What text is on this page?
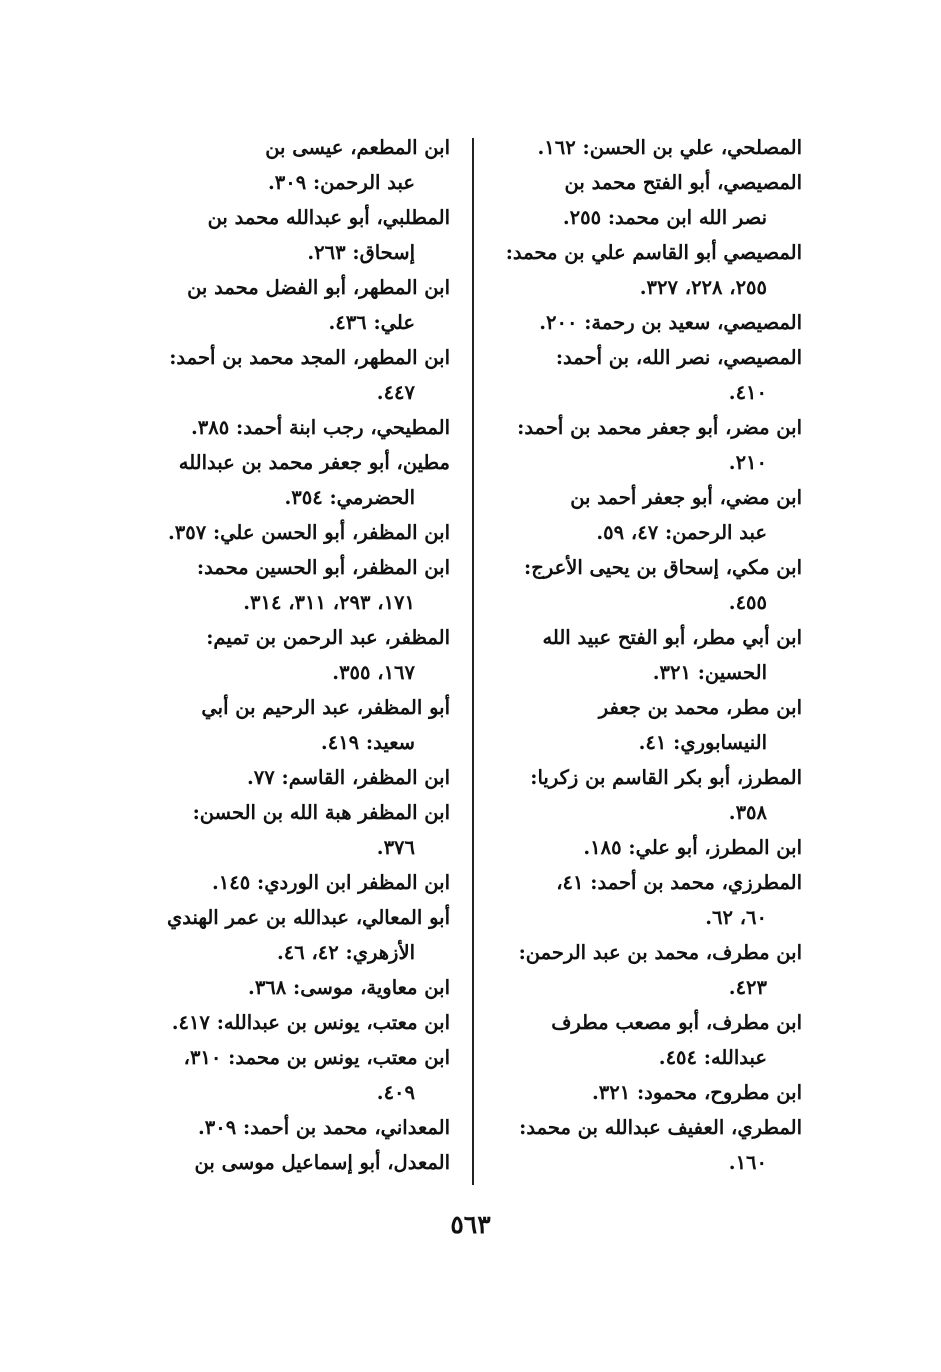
المصلحي، علي بن الحسن: ١٦٢.
المصيصي، أبو الفتح محمد بن
نصر الله ابن محمد: ٢٥٥.
المصيصي أبو القاسم علي بن محمد:
٢٥٥، ٢٢٨، ٣٢٧.
المصيصي، سعيد بن رحمة: ٢٠٠.
المصيصي، نصر الله، بن أحمد:
٤١٠.
ابن مضر، أبو جعفر محمد بن أحمد:
٢١٠.
ابن مضي، أبو جعفر أحمد بن
عبد الرحمن: ٤٧، ٥٩.
ابن مكي، إسحاق بن يحيى الأعرج:
٤٥٥.
ابن أبي مطر، أبو الفتح عبيد الله
الحسين: ٣٢١.
ابن مطر، محمد بن جعفر
النيسابوري: ٤١.
المطرز، أبو بكر القاسم بن زكريا:
٣٥٨.
ابن المطرز، أبو علي: ١٨٥.
المطرزي، محمد بن أحمد: ٤١،
٦٠، ٦٢.
ابن مطرف، محمد بن عبد الرحمن:
٤٢٣.
ابن مطرف، أبو مصعب مطرف
عبدالله: ٤٥٤.
ابن مطروح، محمود: ٣٢١.
المطري، العفيف عبدالله بن محمد:
١٦٠.
ابن المطعم، عيسى بن
عبد الرحمن: ٣٠٩.
المطلبي، أبو عبدالله محمد بن
إسحاق: ٢٦٣.
ابن المطهر، أبو الفضل محمد بن
علي: ٤٣٦.
ابن المطهر، المجد محمد بن أحمد:
٤٤٧.
المطيحي، رجب ابنة أحمد: ٣٨٥.
مطين، أبو جعفر محمد بن عبدالله
الحضرمي: ٣٥٤.
ابن المظفر، أبو الحسن علي: ٣٥٧.
ابن المظفر، أبو الحسين محمد:
١٧١، ٢٩٣، ٣١١، ٣١٤.
المظفر، عبد الرحمن بن تميم:
١٦٧، ٣٥٥.
أبو المظفر، عبد الرحيم بن أبي
سعيد: ٤١٩.
ابن المظفر، القاسم: ٧٧.
ابن المظفر هبة الله بن الحسن:
٣٧٦.
ابن المظفر ابن الوردي: ١٤٥.
أبو المعالي، عبدالله بن عمر الهندي
الأزهري: ٤٢، ٤٦.
ابن معاوية، موسى: ٣٦٨.
ابن معتب، يونس بن عبدالله: ٤١٧.
ابن معتب، يونس بن محمد: ٣١٠،
٤٠٩.
المعداني، محمد بن أحمد: ٣٠٩.
المعدل، أبو إسماعيل موسى بن
٥٦٣
